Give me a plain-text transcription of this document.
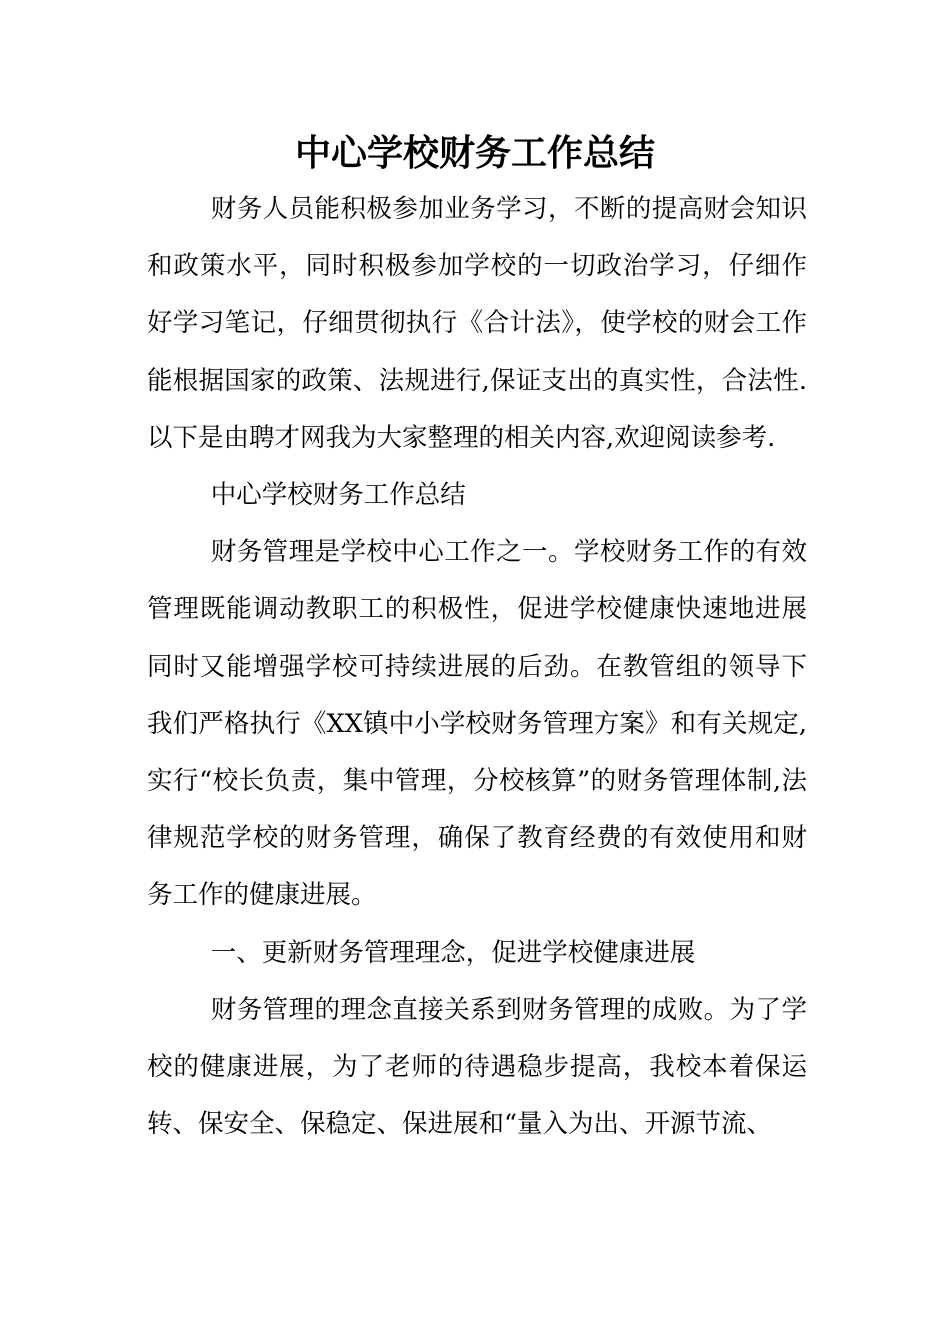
中心学校财务工作总结

财务人员能积极参加业务学习，不断的提高财会知识和政策水平，同时积极参加学校的一切政治学习，仔细作好学习笔记，仔细贯彻执行《合计法》，使学校的财会工作能根据国家的政策、法规进行,保证支出的真实性，合法性.以下是由聘才网我为大家整理的相关内容,欢迎阅读参考.

中心学校财务工作总结

财务管理是学校中心工作之一。学校财务工作的有效管理既能调动教职工的积极性，促进学校健康快速地进展同时又能增强学校可持续进展的后劲。在教管组的领导下我们严格执行《XX镇中小学校财务管理方案》和有关规定,实行“校长负责，集中管理，分校核算”的财务管理体制,法律规范学校的财务管理，确保了教育经费的有效使用和财务工作的健康进展。

一、更新财务管理理念，促进学校健康进展

财务管理的理念直接关系到财务管理的成败。为了学校的健康进展，为了老师的待遇稳步提高，我校本着保运转、保安全、保稳定、保进展和“量入为出、开源节流、
